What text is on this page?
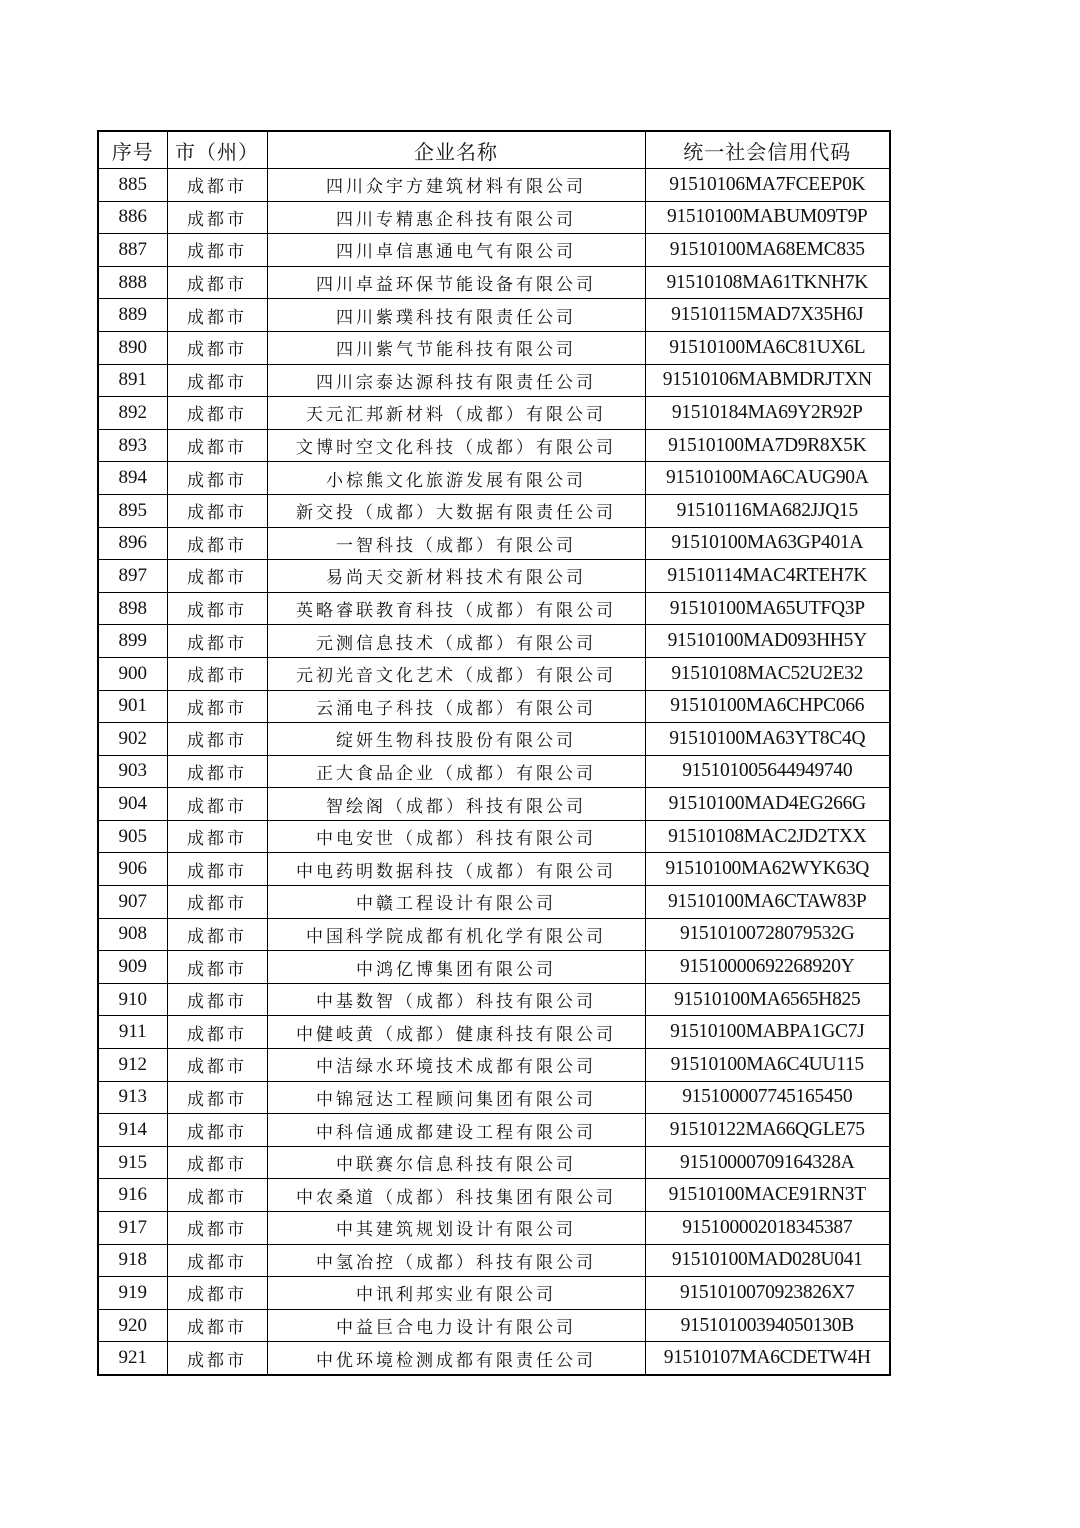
序号	市（州）	企业名称	统一社会信用代码
885	成都市	四川众宇方建筑材料有限公司	91510106MA7FCEEP0K
886	成都市	四川专精惠企科技有限公司	91510100MABUM09T9P
887	成都市	四川卓信惠通电气有限公司	91510100MA68EMC835
888	成都市	四川卓益环保节能设备有限公司	91510108MA61TKNH7K
889	成都市	四川紫璞科技有限责任公司	91510115MAD7X35H6J
890	成都市	四川紫气节能科技有限公司	91510100MA6C81UX6L
891	成都市	四川宗泰达源科技有限责任公司	91510106MABMDRJTXN
892	成都市	天元汇邦新材料（成都）有限公司	91510184MA69Y2R92P
893	成都市	文博时空文化科技（成都）有限公司	91510100MA7D9R8X5K
894	成都市	小棕熊文化旅游发展有限公司	91510100MA6CAUG90A
895	成都市	新交投（成都）大数据有限责任公司	91510116MA682JJQ15
896	成都市	一智科技（成都）有限公司	91510100MA63GP401A
897	成都市	易尚天交新材料技术有限公司	91510114MAC4RTEH7K
898	成都市	英略睿联教育科技（成都）有限公司	91510100MA65UTFQ3P
899	成都市	元测信息技术（成都）有限公司	91510100MAD093HH5Y
900	成都市	元初光音文化艺术（成都）有限公司	91510108MAC52U2E32
901	成都市	云涌电子科技（成都）有限公司	91510100MA6CHPC066
902	成都市	绽妍生物科技股份有限公司	91510100MA63YT8C4Q
903	成都市	正大食品企业（成都）有限公司	915101005644949740
904	成都市	智绘阁（成都）科技有限公司	91510100MAD4EG266G
905	成都市	中电安世（成都）科技有限公司	91510108MAC2JD2TXX
906	成都市	中电药明数据科技（成都）有限公司	91510100MA62WYK63Q
907	成都市	中赣工程设计有限公司	91510100MA6CTAW83P
908	成都市	中国科学院成都有机化学有限公司	91510100728079532G
909	成都市	中鸿亿博集团有限公司	91510000692268920Y
910	成都市	中基数智（成都）科技有限公司	91510100MA6565H825
911	成都市	中健岐黄（成都）健康科技有限公司	91510100MABPA1GC7J
912	成都市	中洁绿水环境技术成都有限公司	91510100MA6C4UU115
913	成都市	中锦冠达工程顾问集团有限公司	915100007745165450
914	成都市	中科信通成都建设工程有限公司	91510122MA66QGLE75
915	成都市	中联赛尔信息科技有限公司	91510000709164328A
916	成都市	中农桑道（成都）科技集团有限公司	91510100MACE91RN3T
917	成都市	中其建筑规划设计有限公司	915100002018345387
918	成都市	中氢冶控（成都）科技有限公司	91510100MAD028U041
919	成都市	中讯利邦实业有限公司	9151010070923826X7
920	成都市	中益巨合电力设计有限公司	91510100394050130B
921	成都市	中优环境检测成都有限责任公司	91510107MA6CDETW4H
